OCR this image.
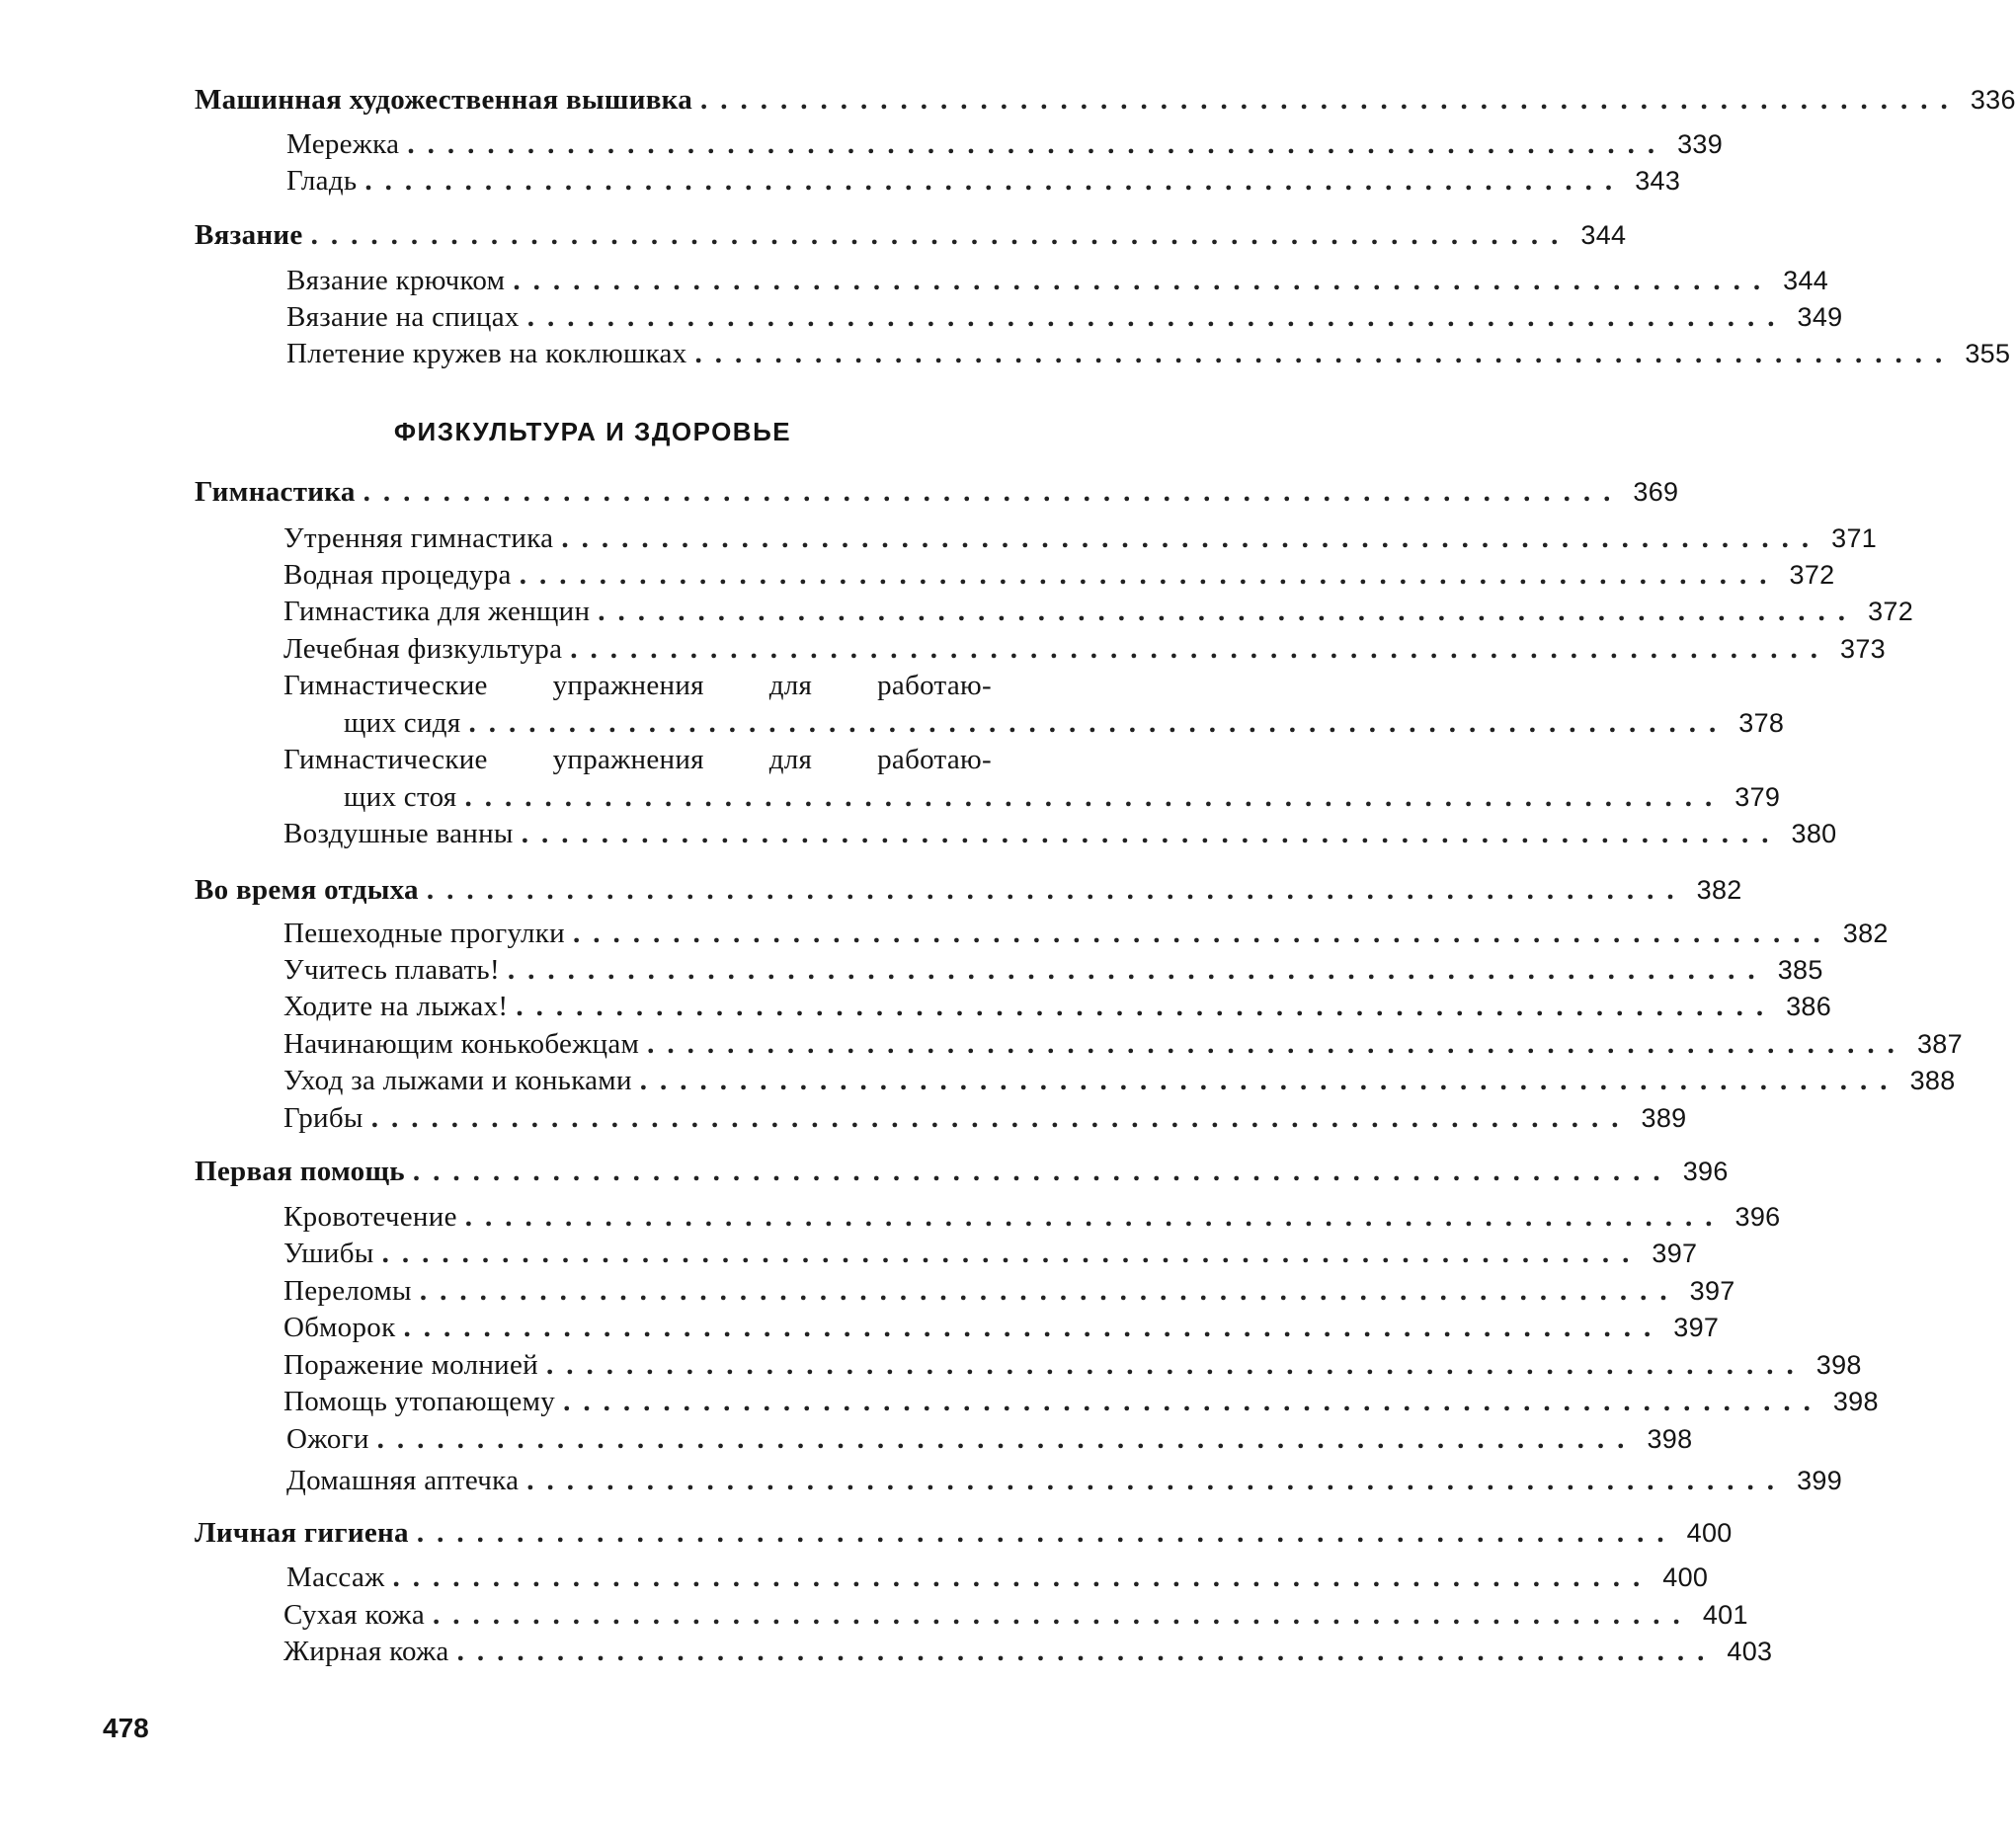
Машинная художественная вышивка ............................................................... 336
Мережка ............................................................... 339
Гладь ............................................................... 343
Вязание ............................................................... 344
Вязание крючком ............................................................... 344
Вязание на спицах ............................................................... 349
Плетение кружев на коклюшках ............................................................... 355
ФИЗКУЛЬТУРА И ЗДОРОВЬЕ
Гимнастика ............................................................... 369
Утренняя гимнастика ............................................................... 371
Водная процедура ............................................................... 372
Гимнастика для женщин ............................................................... 372
Лечебная физкультура ............................................................... 373
Гимнастические упражнения для работаю-
щих сидя ............................................................... 378
Гимнастические упражнения для работаю-
щих стоя ............................................................... 379
Воздушные ванны ............................................................... 380
Во время отдыха ............................................................... 382
Пешеходные прогулки ............................................................... 382
Учитесь плавать! ............................................................... 385
Ходите на лыжах! ............................................................... 386
Начинающим конькобежцам ............................................................... 387
Уход за лыжами и коньками ............................................................... 388
Грибы ............................................................... 389
Первая помощь ............................................................... 396
Кровотечение ............................................................... 396
Ушибы ............................................................... 397
Переломы ............................................................... 397
Обморок ............................................................... 397
Поражение молнией ............................................................... 398
Помощь утопающему ............................................................... 398
Ожоги ............................................................... 398
Домашняя аптечка ............................................................... 399
Личная гигиена ............................................................... 400
Массаж ............................................................... 400
Сухая кожа ............................................................... 401
Жирная кожа ............................................................... 403
478
